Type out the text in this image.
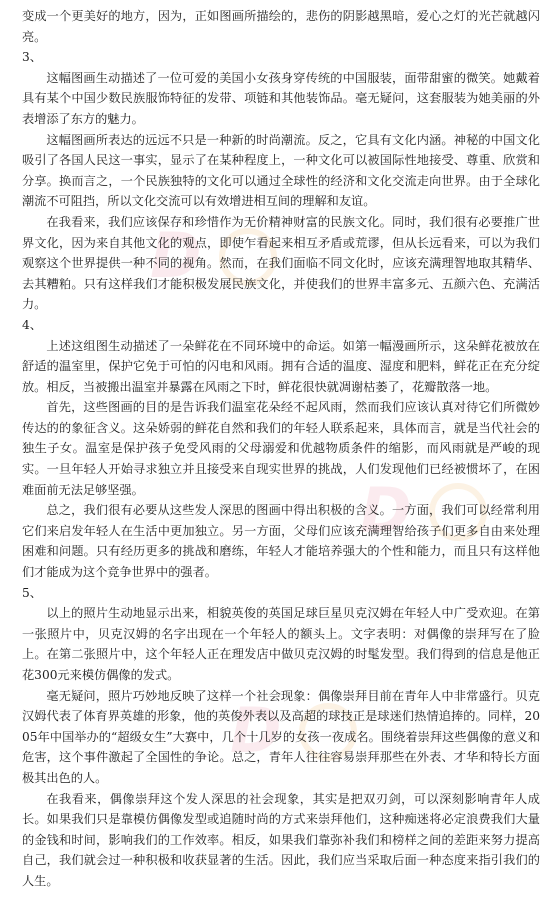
D
D
D

变成一个更美好的地方，因为，正如图画所描绘的，悲伤的阴影越黑暗，爱心之灯的光芒就越闪亮。

3、

这幅图画生动描述了一位可爱的美国小女孩身穿传统的中国服装，面带甜蜜的微笑。她戴着具有某个中国少数民族服饰特征的发带、项链和其他装饰品。毫无疑问，这套服装为她美丽的外表增添了东方的魅力。

这幅图画所表达的远远不只是一种新的时尚潮流。反之，它具有文化内涵。神秘的中国文化吸引了各国人民这一事实，显示了在某种程度上，一种文化可以被国际性地接受、尊重、欣赏和分享。换而言之，一个民族独特的文化可以通过全球性的经济和文化交流走向世界。由于全球化潮流不可阻挡，所以文化交流可以有效增进相互间的理解和友谊。

在我看来，我们应该保存和珍惜作为无价精神财富的民族文化。同时，我们很有必要推广世界文化，因为来自其他文化的观点，即使乍看起来相互矛盾或荒谬，但从长远看来，可以为我们观察这个世界提供一种不同的视角。然而，在我们面临不同文化时，应该充满理智地取其精华、去其糟粕。只有这样我们才能积极发展民族文化，并使我们的世界丰富多元、五颜六色、充满活力。

4、

上述这组图生动描述了一朵鲜花在不同环境中的命运。如第一幅漫画所示，这朵鲜花被放在舒适的温室里，保护它免于可怕的闪电和风雨。拥有合适的温度、湿度和肥料，鲜花正在充分绽放。相反，当被搬出温室并暴露在风雨之下时，鲜花很快就凋谢枯萎了，花瓣散落一地。

首先，这些图画的目的是告诉我们温室花朵经不起风雨，然而我们应该认真对待它们所微妙传达的的象征含义。这朵娇弱的鲜花自然和我们的年轻人联系起来，具体而言，就是当代社会的独生子女。温室是保护孩子免受风雨的父母溺爱和优越物质条件的缩影，而风雨就是严峻的现实。一旦年轻人开始寻求独立并且接受来自现实世界的挑战，人们发现他们已经被惯坏了，在困难面前无法足够坚强。

总之，我们很有必要从这些发人深思的图画中得出积极的含义。一方面，我们可以经常利用它们来启发年轻人在生活中更加独立。另一方面，父母们应该充满理智给孩子们更多自由来处理困难和问题。只有经历更多的挑战和磨练，年轻人才能培养强大的个性和能力，而且只有这样他们才能成为这个竞争世界中的强者。

5、

以上的照片生动地显示出来，相貌英俊的英国足球巨星贝克汉姆在年轻人中广受欢迎。在第一张照片中，贝克汉姆的名字出现在一个年轻人的额头上。文字表明：对偶像的崇拜写在了脸上。在第二张照片中，这个年轻人正在理发店中做贝克汉姆的时髦发型。我们得到的信息是他正花300元来模仿偶像的发式。

毫无疑问，照片巧妙地反映了这样一个社会现象：偶像崇拜目前在青年人中非常盛行。贝克汉姆代表了体育界英雄的形象，他的英俊外表以及高超的球技正是球迷们热情追捧的。同样，2005年中国举办的“超级女生”大赛中，几个十几岁的女孩一夜成名。围绕着崇拜这些偶像的意义和危害，这个事件激起了全国性的争论。总之，青年人往往容易崇拜那些在外表、才华和特长方面极其出色的人。

在我看来，偶像崇拜这个发人深思的社会现象，其实是把双刃剑，可以深刻影响青年人成长。如果我们只是靠模仿偶像发型或追随时尚的方式来崇拜他们，这种痴迷将必定浪费我们大量的金钱和时间，影响我们的工作效率。相反，如果我们靠弥补我们和榜样之间的差距来努力提高自己，我们就会过一种积极和收获显著的生活。因此，我们应当采取后面一种态度来指引我们的人生。
